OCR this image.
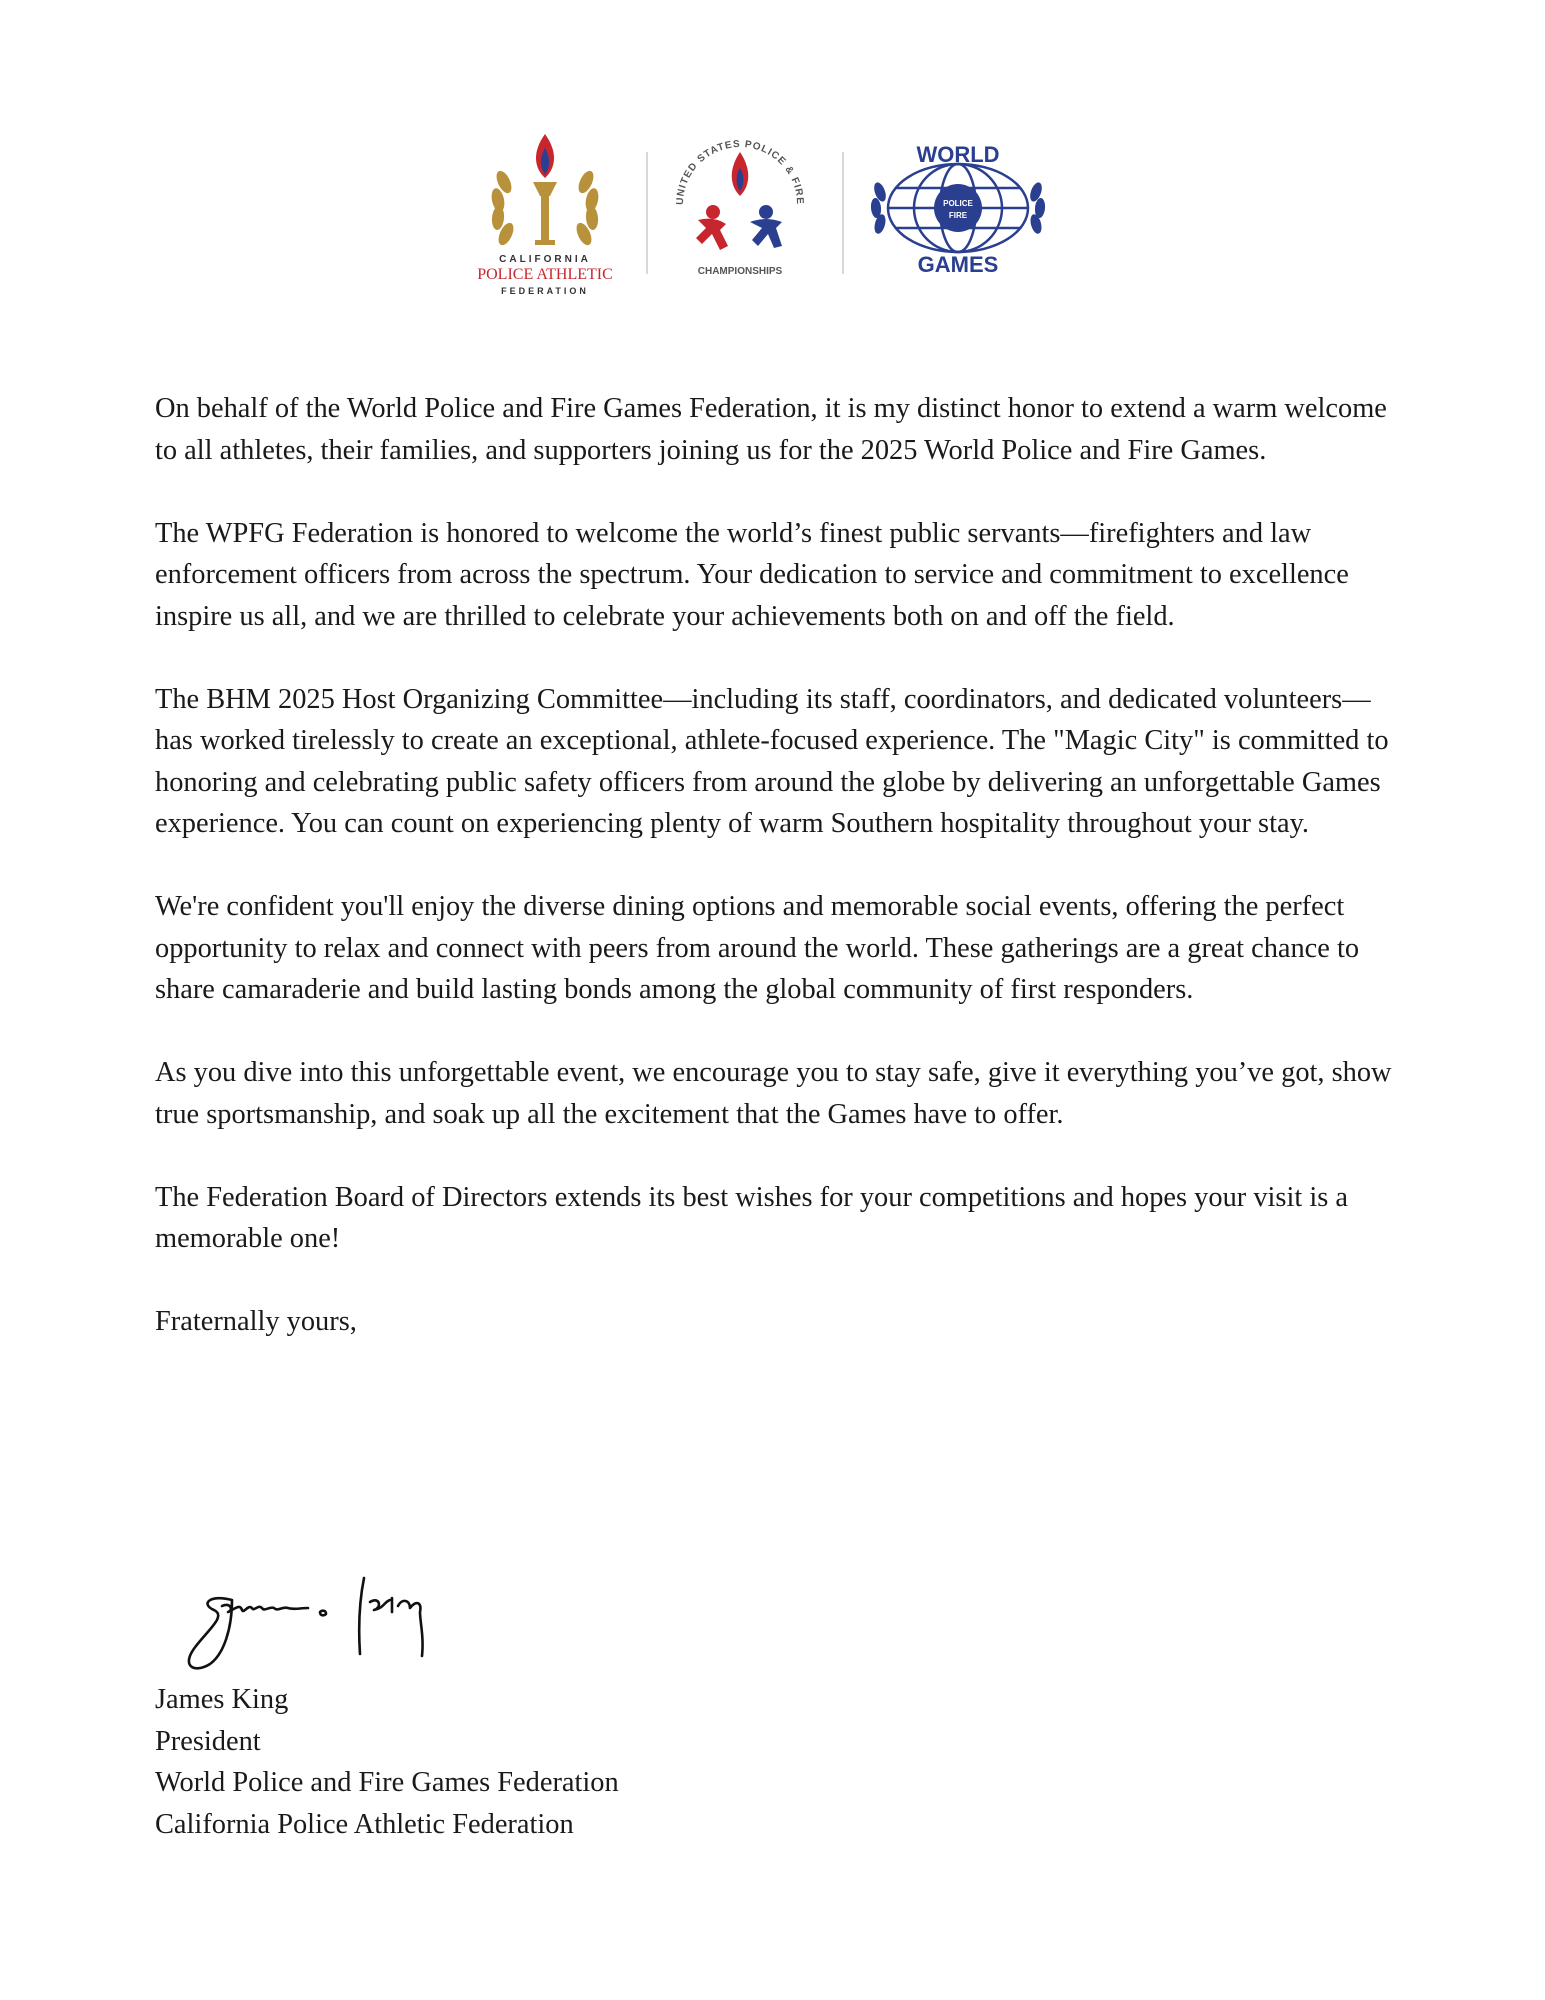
CALIFORNIA
POLICE ATHLETIC
FEDERATION
UNITED STATES POLICE & FIRE
CHAMPIONSHIPS
POLICE
FIRE
WORLD
GAMES

On behalf of the World Police and Fire Games Federation, it is my distinct honor to extend a warm welcome to all athletes, their families, and supporters joining us for the 2025 World Police and Fire Games.

The WPFG Federation is honored to welcome the world’s finest public servants—firefighters and law enforcement officers from across the spectrum. Your dedication to service and commitment to excellence inspire us all, and we are thrilled to celebrate your achievements both on and off the field.

The BHM 2025 Host Organizing Committee—including its staff, coordinators, and dedicated volunteers—has worked tirelessly to create an exceptional, athlete-focused experience. The "Magic City" is committed to honoring and celebrating public safety officers from around the globe by delivering an unforgettable Games experience. You can count on experiencing plenty of warm Southern hospitality throughout your stay.

We're confident you'll enjoy the diverse dining options and memorable social events, offering the perfect opportunity to relax and connect with peers from around the world. These gatherings are a great chance to share camaraderie and build lasting bonds among the global community of first responders.

As you dive into this unforgettable event, we encourage you to stay safe, give it everything you’ve got, show true sportsmanship, and soak up all the excitement that the Games have to offer.

The Federation Board of Directors extends its best wishes for your competitions and hopes your visit is a memorable one!

Fraternally yours,

James King
President
World Police and Fire Games Federation
California Police Athletic Federation
